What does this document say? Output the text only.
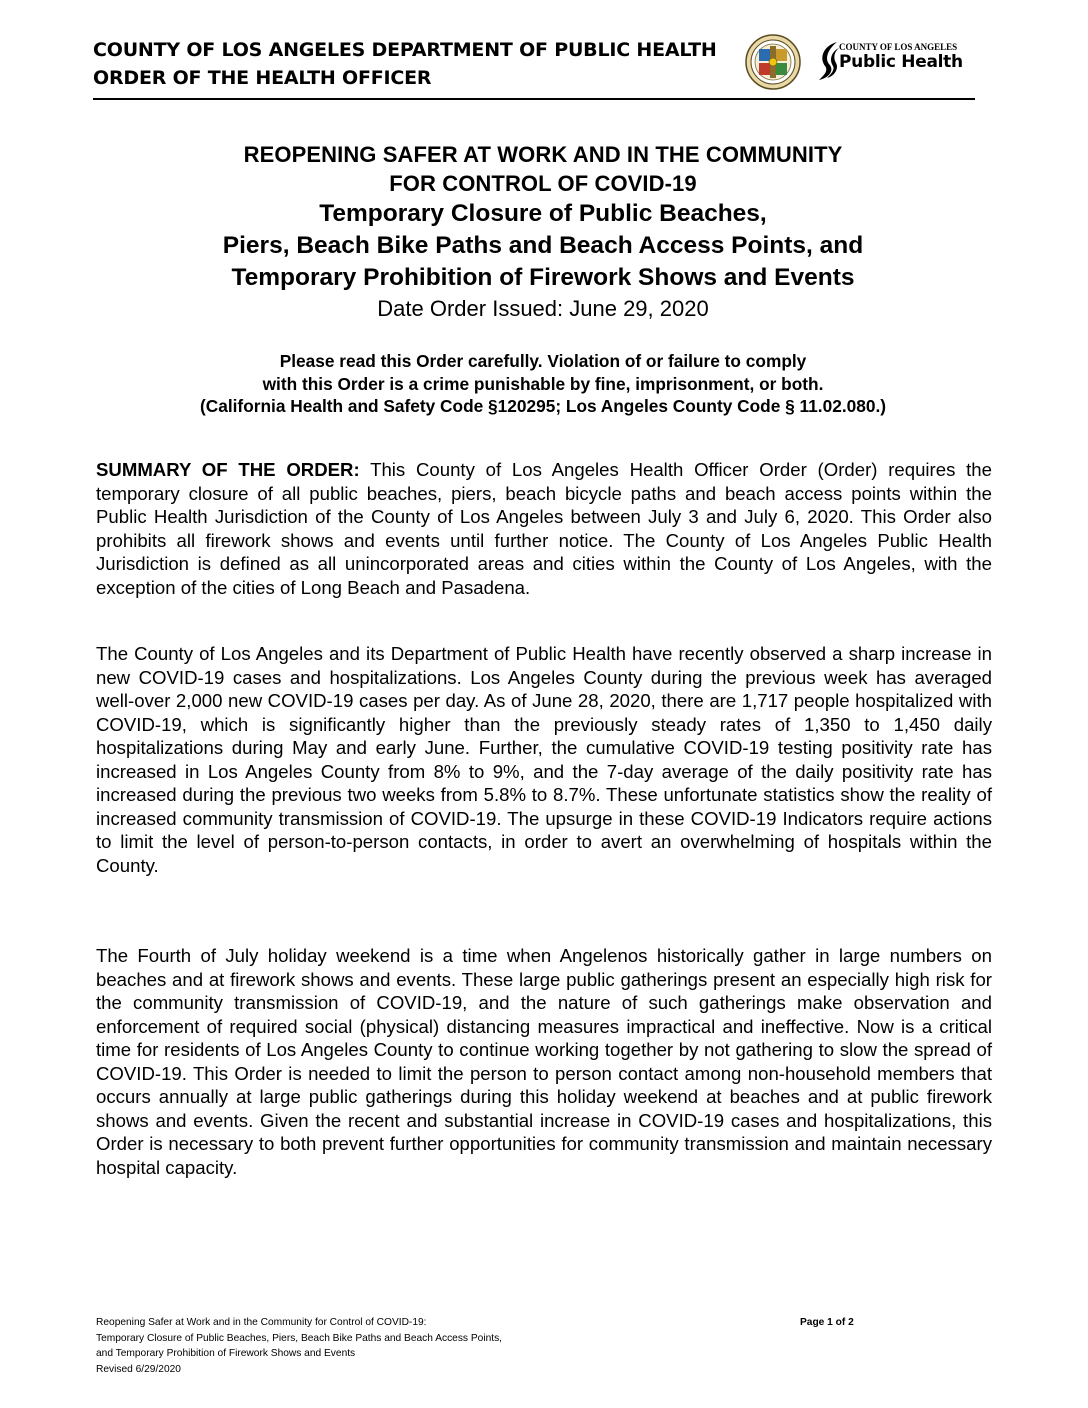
COUNTY OF LOS ANGELES DEPARTMENT OF PUBLIC HEALTH
ORDER OF THE HEALTH OFFICER
COUNTY OF LOS ANGELES
Public Health
REOPENING SAFER AT WORK AND IN THE COMMUNITY
FOR CONTROL OF COVID-19
Temporary Closure of Public Beaches,
Piers, Beach Bike Paths and Beach Access Points, and
Temporary Prohibition of Firework Shows and Events
Date Order Issued: June 29, 2020
Please read this Order carefully. Violation of or failure to comply
with this Order is a crime punishable by fine, imprisonment, or both.
(California Health and Safety Code §120295; Los Angeles County Code § 11.02.080.)
SUMMARY OF THE ORDER: This County of Los Angeles Health Officer Order (Order) requires the temporary closure of all public beaches, piers, beach bicycle paths and beach access points within the Public Health Jurisdiction of the County of Los Angeles between July 3 and July 6, 2020. This Order also prohibits all firework shows and events until further notice. The County of Los Angeles Public Health Jurisdiction is defined as all unincorporated areas and cities within the County of Los Angeles, with the exception of the cities of Long Beach and Pasadena.
The County of Los Angeles and its Department of Public Health have recently observed a sharp increase in new COVID-19 cases and hospitalizations. Los Angeles County during the previous week has averaged well-over 2,000 new COVID-19 cases per day. As of June 28, 2020, there are 1,717 people hospitalized with COVID-19, which is significantly higher than the previously steady rates of 1,350 to 1,450 daily hospitalizations during May and early June. Further, the cumulative COVID-19 testing positivity rate has increased in Los Angeles County from 8% to 9%, and the 7-day average of the daily positivity rate has increased during the previous two weeks from 5.8% to 8.7%. These unfortunate statistics show the reality of increased community transmission of COVID-19. The upsurge in these COVID-19 Indicators require actions to limit the level of person-to-person contacts, in order to avert an overwhelming of hospitals within the County.
The Fourth of July holiday weekend is a time when Angelenos historically gather in large numbers on beaches and at firework shows and events. These large public gatherings present an especially high risk for the community transmission of COVID-19, and the nature of such gatherings make observation and enforcement of required social (physical) distancing measures impractical and ineffective. Now is a critical time for residents of Los Angeles County to continue working together by not gathering to slow the spread of COVID-19. This Order is needed to limit the person to person contact among non-household members that occurs annually at large public gatherings during this holiday weekend at beaches and at public firework shows and events. Given the recent and substantial increase in COVID-19 cases and hospitalizations, this Order is necessary to both prevent further opportunities for community transmission and maintain necessary hospital capacity.
Reopening Safer at Work and in the Community for Control of COVID-19:
Temporary Closure of Public Beaches, Piers, Beach Bike Paths and Beach Access Points,
and Temporary Prohibition of Firework Shows and Events
Revised 6/29/2020
Page 1 of 2
